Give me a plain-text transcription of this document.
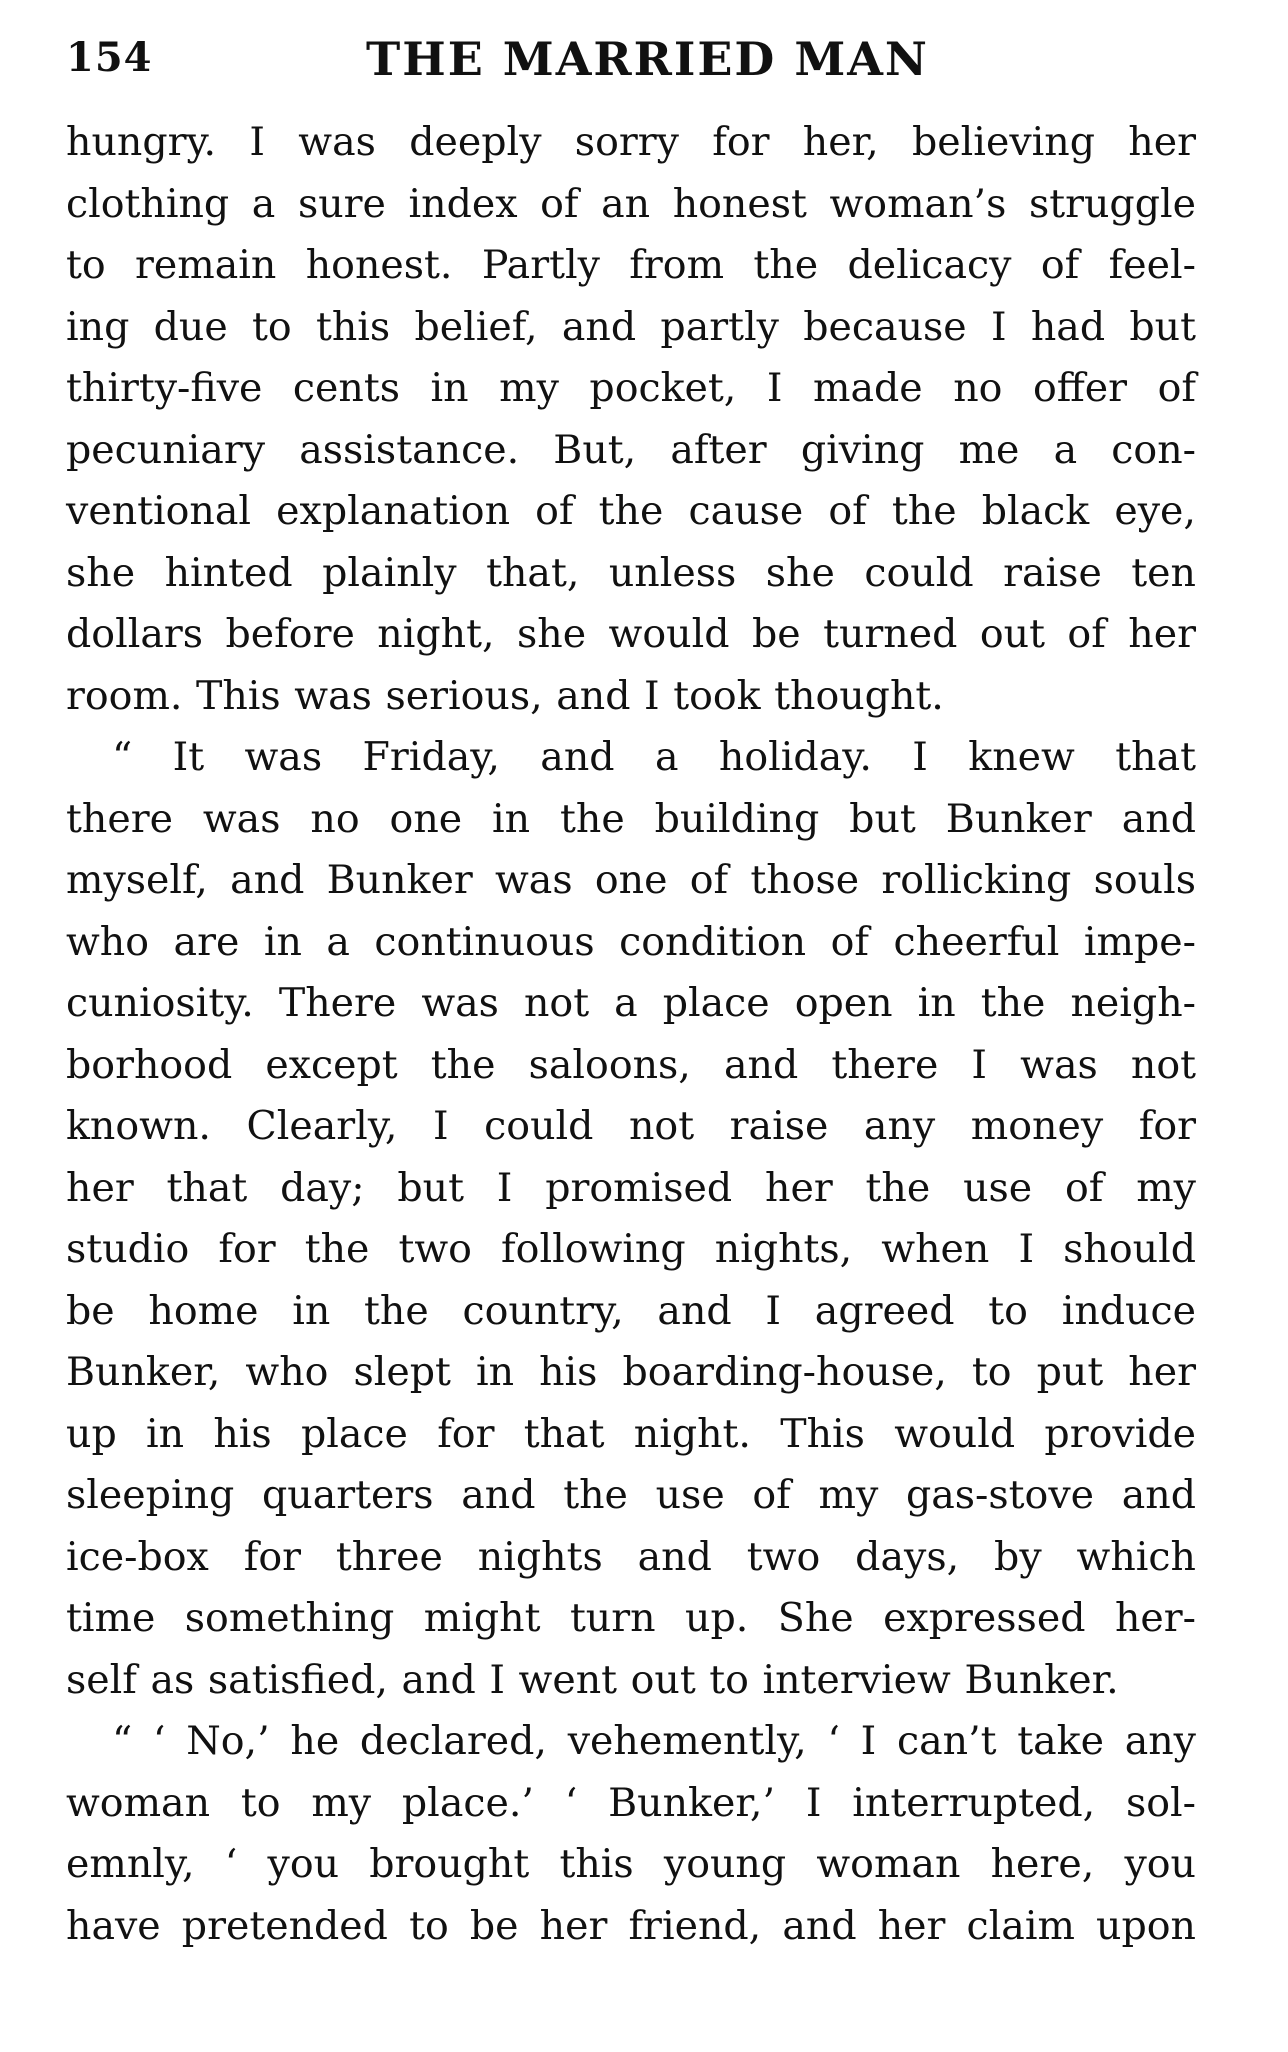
154	THE MARRIED MAN
hungry. I was deeply sorry for her, believing her
clothing a sure index of an honest woman’s struggle
to remain honest. Partly from the delicacy of feel-
ing due to this belief, and partly because I had but
thirty-five cents in my pocket, I made no offer of
pecuniary assistance. But, after giving me a con-
ventional explanation of the cause of the black eye,
she hinted plainly that, unless she could raise ten
dollars before night, she would be turned out of her
room. This was serious, and I took thought.
“ It was Friday, and a holiday. I knew that
there was no one in the building but Bunker and
myself, and Bunker was one of those rollicking souls
who are in a continuous condition of cheerful impe-
cuniosity. There was not a place open in the neigh-
borhood except the saloons, and there I was not
known. Clearly, I could not raise any money for
her that day; but I promised her the use of my
studio for the two following nights, when I should
be home in the country, and I agreed to induce
Bunker, who slept in his boarding-house, to put her
up in his place for that night. This would provide
sleeping quarters and the use of my gas-stove and
ice-box for three nights and two days, by which
time something might turn up. She expressed her-
self as satisfied, and I went out to interview Bunker.
“ ‘ No,’ he declared, vehemently, ‘ I can’t take any
woman to my place.’ ‘ Bunker,’ I interrupted, sol-
emnly, ‘ you brought this young woman here, you
have pretended to be her friend, and her claim upon
